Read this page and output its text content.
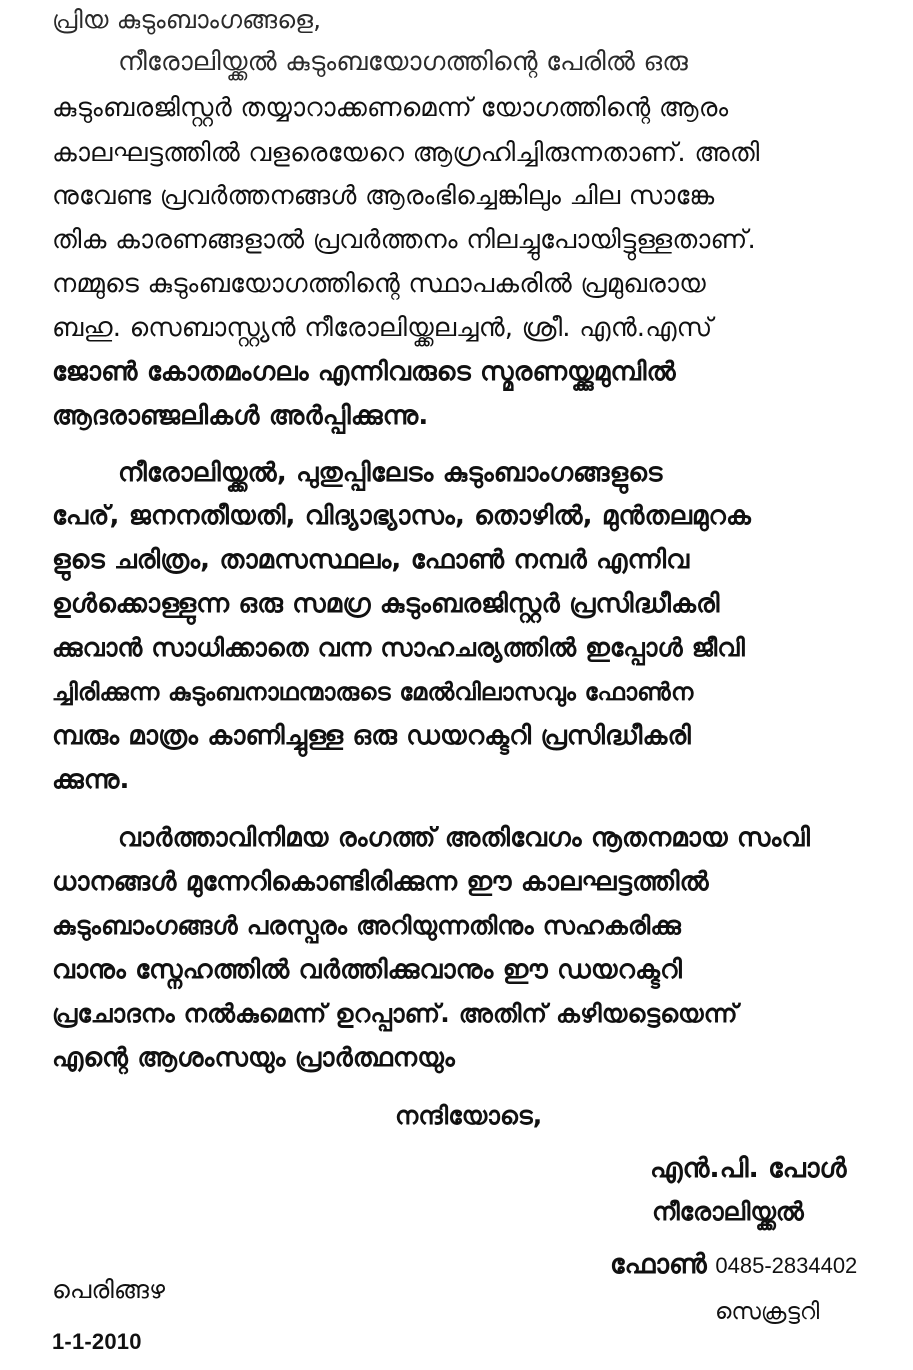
പ്രിയ കുടുംബാംഗങ്ങളെ,
നീരോലിയ്ക്കൽ കുടുംബയോഗത്തിന്റെ പേരിൽ ഒരു
കുടുംബരജിസ്റ്റർ തയ്യാറാക്കണമെന്ന് യോഗത്തിന്റെ ആരം
കാലഘട്ടത്തിൽ വളരെയേറെ ആഗ്രഹിച്ചിരുന്നതാണ്. അതി
നുവേണ്ട പ്രവർത്തനങ്ങൾ ആരംഭിച്ചെങ്കിലും ചില സാങ്കേ
തിക കാരണങ്ങളാൽ പ്രവർത്തനം നിലച്ചുപോയിട്ടുള്ളതാണ്.
നമ്മുടെ കുടുംബയോഗത്തിന്റെ സ്ഥാപകരിൽ പ്രമുഖരായ
ബഹു. സെബാസ്റ്റ്യൻ നീരോലിയ്ക്കലച്ചൻ, ശ്രീ. എൻ.എസ്
ജോൺ കോതമംഗലം എന്നിവരുടെ സ്മരണയ്ക്കുമുമ്പിൽ
ആദരാഞ്ജലികൾ അർപ്പിക്കുന്നു.
നീരോലിയ്ക്കൽ, പുതുപ്പിലേടം കുടുംബാംഗങ്ങളുടെ
പേര്, ജനനതീയതി, വിദ്യാഭ്യാസം, തൊഴിൽ, മുൻതലമുറക
ളുടെ ചരിത്രം, താമസസ്ഥലം, ഫോൺ നമ്പർ എന്നിവ
ഉൾക്കൊള്ളുന്ന ഒരു സമഗ്ര കുടുംബരജിസ്റ്റർ പ്രസിദ്ധീകരി
ക്കുവാൻ സാധിക്കാതെ വന്ന സാഹചര്യത്തിൽ ഇപ്പോൾ ജീവി
ച്ചിരിക്കുന്ന കുടുംബനാഥന്മാരുടെ മേൽവിലാസവും ഫോൺന
മ്പരും മാത്രം കാണിച്ചുള്ള ഒരു ഡയറക്ടറി പ്രസിദ്ധീകരി
ക്കുന്നു.
വാർത്താവിനിമയ രംഗത്ത് അതിവേഗം നൂതനമായ സംവി
ധാനങ്ങൾ മുന്നേറികൊണ്ടിരിക്കുന്ന ഈ കാലഘട്ടത്തിൽ
കുടുംബാംഗങ്ങൾ പരസ്പരം അറിയുന്നതിനും സഹകരിക്കു
വാനും സ്നേഹത്തിൽ വർത്തിക്കുവാനും ഈ ഡയറക്ടറി
പ്രചോദനം നൽകുമെന്ന് ഉറപ്പാണ്. അതിന് കഴിയട്ടെയെന്ന്
എന്റെ ആശംസയും പ്രാർത്ഥനയും
നന്ദിയോടെ,
എൻ.പി. പോൾ
നീരോലിയ്ക്കൽ
ഫോൺ 0485-2834402
സെക്രട്ടറി
പെരിങ്ങഴ
1-1-2010
